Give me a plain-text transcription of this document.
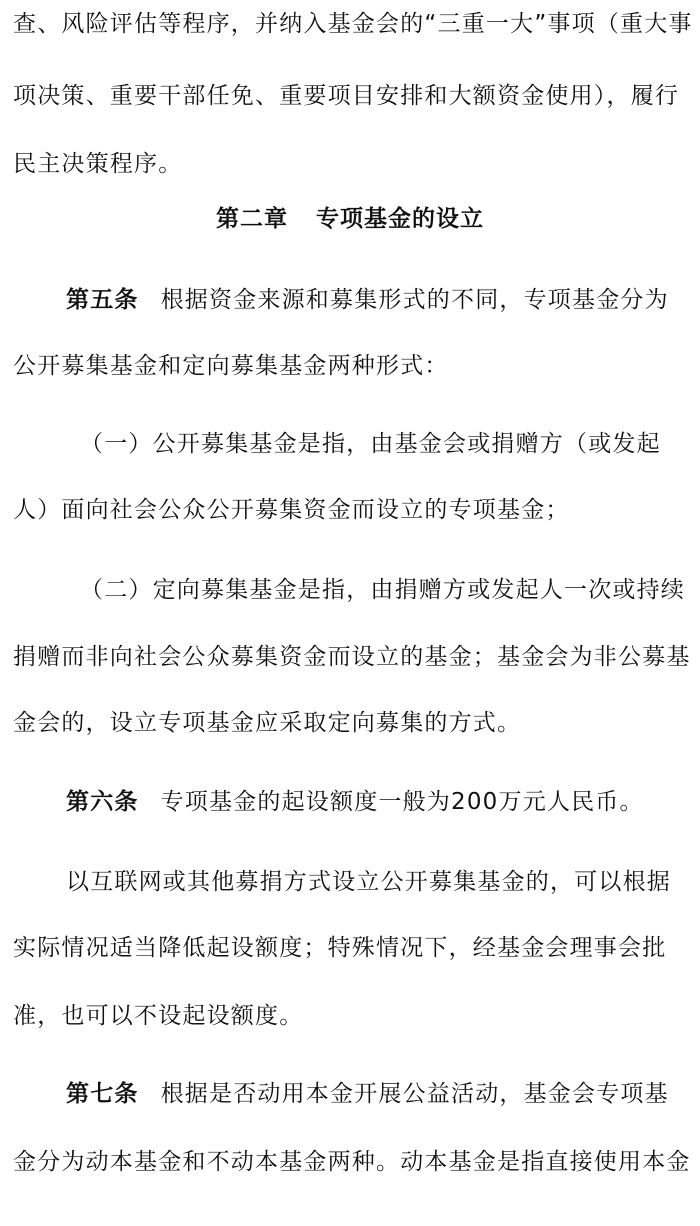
查、风险评估等程序，并纳入基金会的“三重一大”事项（重大事
项决策、重要干部任免、重要项目安排和大额资金使用），履行
民主决策程序。
第二章 专项基金的设立
第五条 根据资金来源和募集形式的不同，专项基金分为
公开募集基金和定向募集基金两种形式：
（一）公开募集基金是指，由基金会或捐赠方（或发起
人）面向社会公众公开募集资金而设立的专项基金；
（二）定向募集基金是指，由捐赠方或发起人一次或持续
捐赠而非向社会公众募集资金而设立的基金；基金会为非公募基
金会的，设立专项基金应采取定向募集的方式。
第六条 专项基金的起设额度一般为200万元人民币。
以互联网或其他募捐方式设立公开募集基金的，可以根据
实际情况适当降低起设额度；特殊情况下，经基金会理事会批
准，也可以不设起设额度。
第七条 根据是否动用本金开展公益活动，基金会专项基
金分为动本基金和不动本基金两种。动本基金是指直接使用本金
